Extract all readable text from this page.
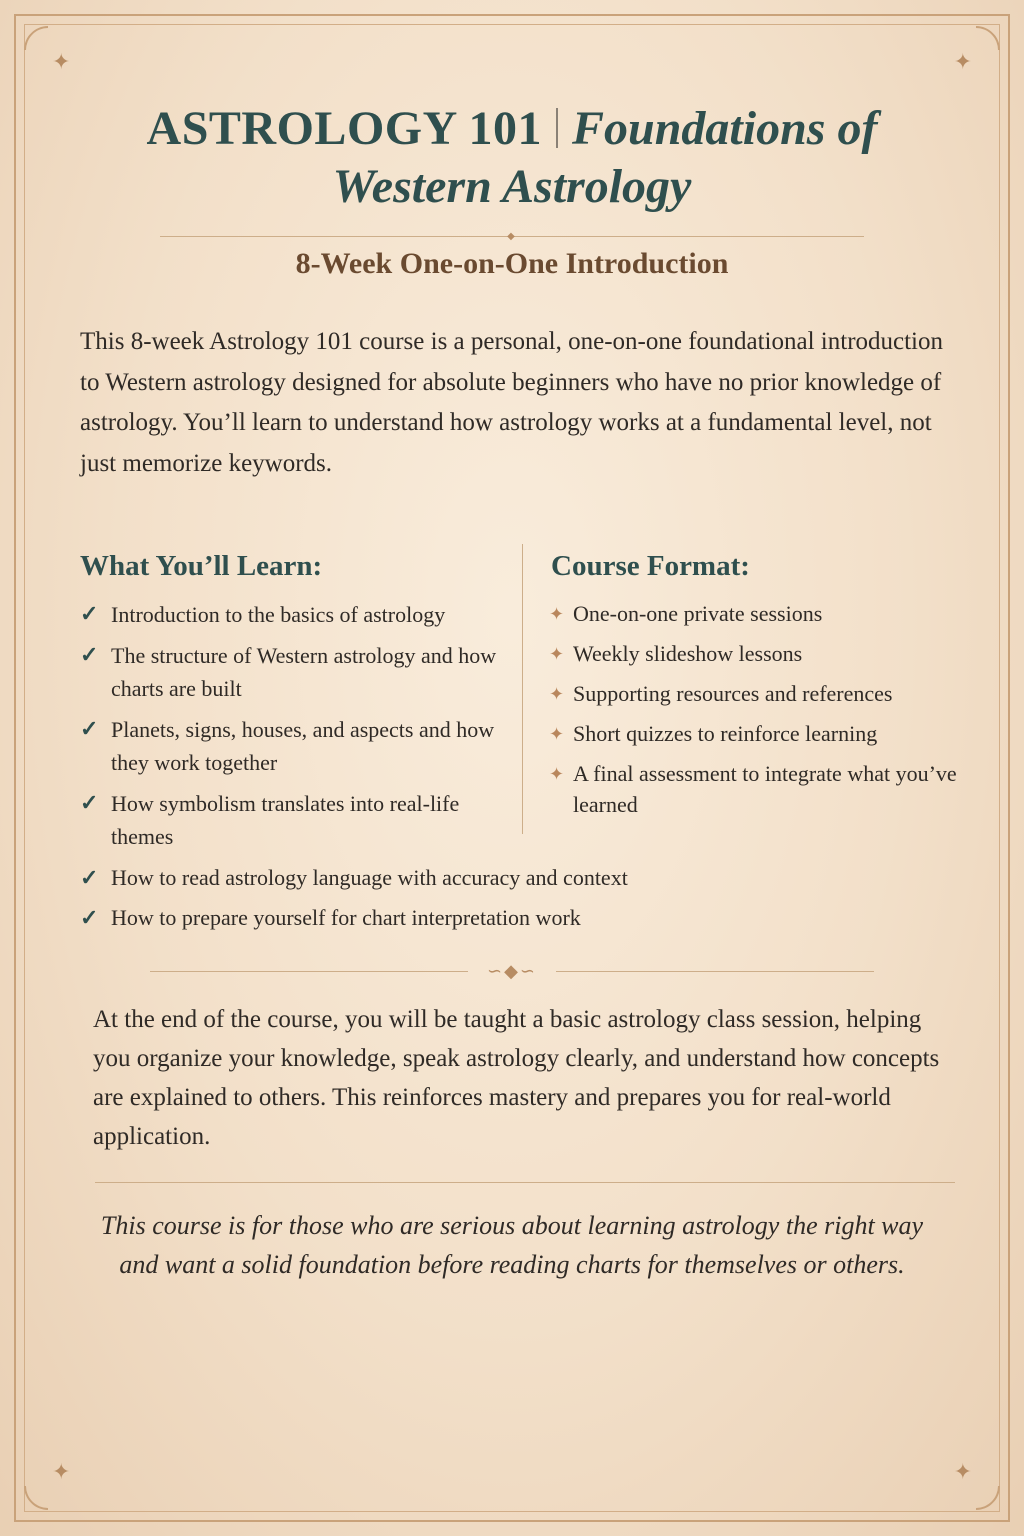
✦	✦
✦	✦
ASTROLOGY 101 Foundations of
Western Astrology
◆
8-Week One-on-One Introduction
This 8-week Astrology 101 course is a personal, one-on-one foundational introduction to Western astrology designed for absolute beginners who have no prior knowledge of astrology. You’ll learn to understand how astrology works at a fundamental level, not just memorize keywords.
What You’ll Learn:	Course Format:
✓ Introduction to the basics of astrology
✓ The structure of Western astrology and how charts are built
✓ Planets, signs, houses, and aspects and how they work together
✓ How symbolism translates into real-life themes
✦ One-on-one private sessions
✦ Weekly slideshow lessons
✦ Supporting resources and references
✦ Short quizzes to reinforce learning
✦ A final assessment to integrate what you’ve learned
✓ How to read astrology language with accuracy and context
✓ How to prepare yourself for chart interpretation work
∽◆∽
At the end of the course, you will be taught a basic astrology class session, helping you organize your knowledge, speak astrology clearly, and understand how concepts are explained to others. This reinforces mastery and prepares you for real-world application.
This course is for those who are serious about learning astrology the right way and want a solid foundation before reading charts for themselves or others.
